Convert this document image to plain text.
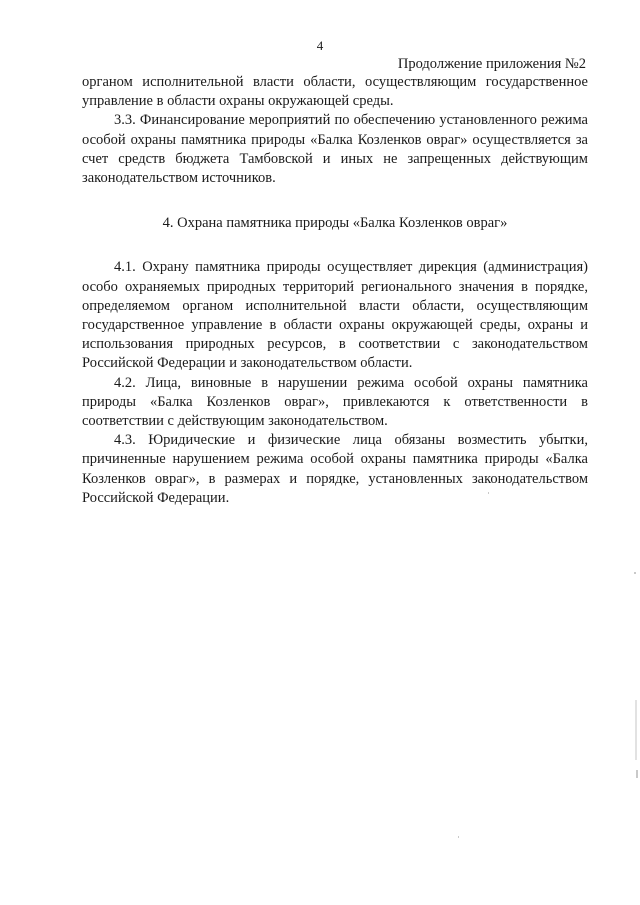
4
Продолжение приложения №2

органом исполнительной власти области, осуществляющим государственное управление в области охраны окружающей среды.

3.3. Финансирование мероприятий по обеспечению установленного режима особой охраны памятника природы «Балка Козленков овраг» осуществляется за счет средств бюджета Тамбовской и иных не запрещенных действующим законодательством источников.

4. Охрана памятника природы «Балка Козленков овраг»

4.1. Охрану памятника природы осуществляет дирекция (администрация) особо охраняемых природных территорий регионального значения в порядке, определяемом органом исполнительной власти области, осуществляющим государственное управление в области охраны окружающей среды, охраны и использования природных ресурсов, в соответствии с законодательством Российской Федерации и законодательством области.

4.2. Лица, виновные в нарушении режима особой охраны памятника природы «Балка Козленков овраг», привлекаются к ответственности в соответствии с действующим законодательством.

4.3. Юридические и физические лица обязаны возместить убытки, причиненные нарушением режима особой охраны памятника природы «Балка Козленков овраг», в размерах и порядке, установленных законодательством Российской Федерации.
